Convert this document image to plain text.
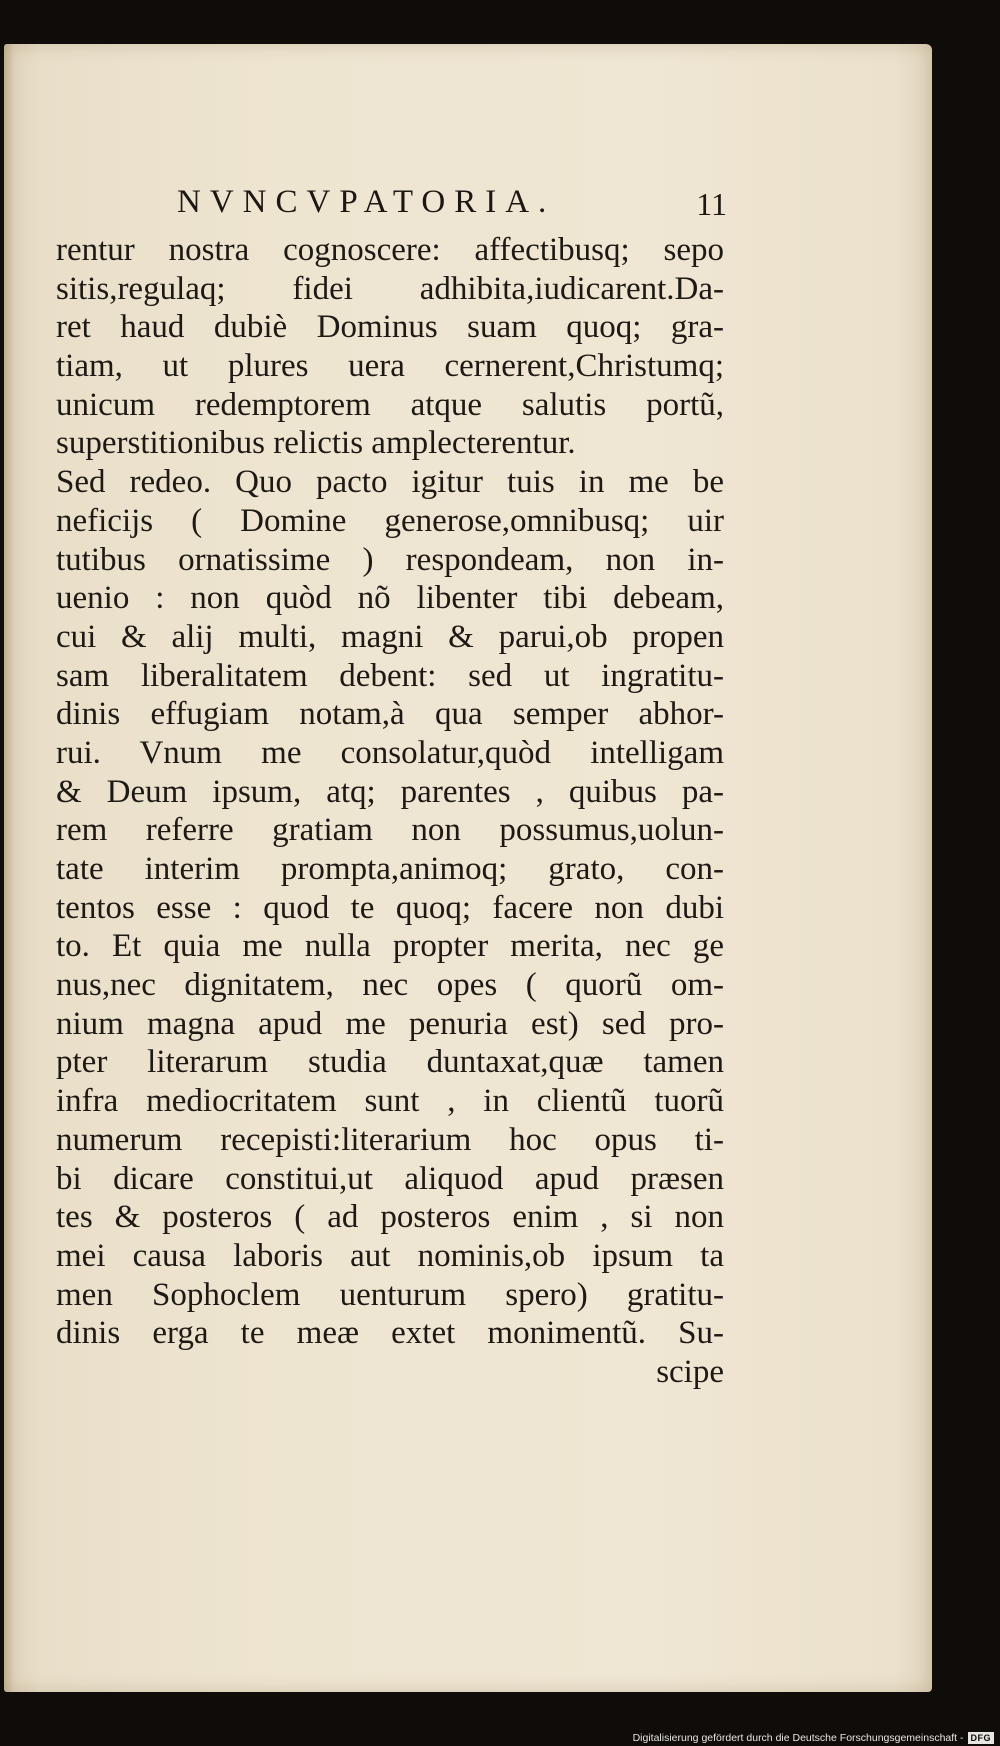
NVNCVPATORIA.	11
rentur nostra cognoscere: affectibusq; sepo
sitis,regulaq; fidei adhibita,iudicarent.Da-
ret haud dubiè Dominus suam quoq; gra-
tiam, ut plures uera cernerent,Christumq;
unicum redemptorem atque salutis portũ,
superstitionibus relictis amplecterentur.
Sed redeo. Quo pacto igitur tuis in me be
neficijs ( Domine generose,omnibusq; uir
tutibus ornatissime ) respondeam, non in-
uenio : non quòd nõ libenter tibi debeam,
cui & alij multi, magni & parui,ob propen
sam liberalitatem debent: sed ut ingratitu-
dinis effugiam notam,à qua semper abhor-
rui. Vnum me consolatur,quòd intelligam
& Deum ipsum, atq; parentes , quibus pa-
rem referre gratiam non possumus,uolun-
tate interim prompta,animoq; grato, con-
tentos esse : quod te quoq; facere non dubi
to. Et quia me nulla propter merita, nec ge
nus,nec dignitatem, nec opes ( quorũ om-
nium magna apud me penuria est) sed pro-
pter literarum studia duntaxat,quæ tamen
infra mediocritatem sunt , in clientũ tuorũ
numerum recepisti:literarium hoc opus ti-
bi dicare constitui,ut aliquod apud præsen
tes & posteros ( ad posteros enim , si non
mei causa laboris aut nominis,ob ipsum ta
men Sophoclem uenturum spero) gratitu-
dinis erga te meæ extet monimentũ. Su-
scipe
Digitalisierung gefördert durch die Deutsche Forschungsgemeinschaft - DFG
